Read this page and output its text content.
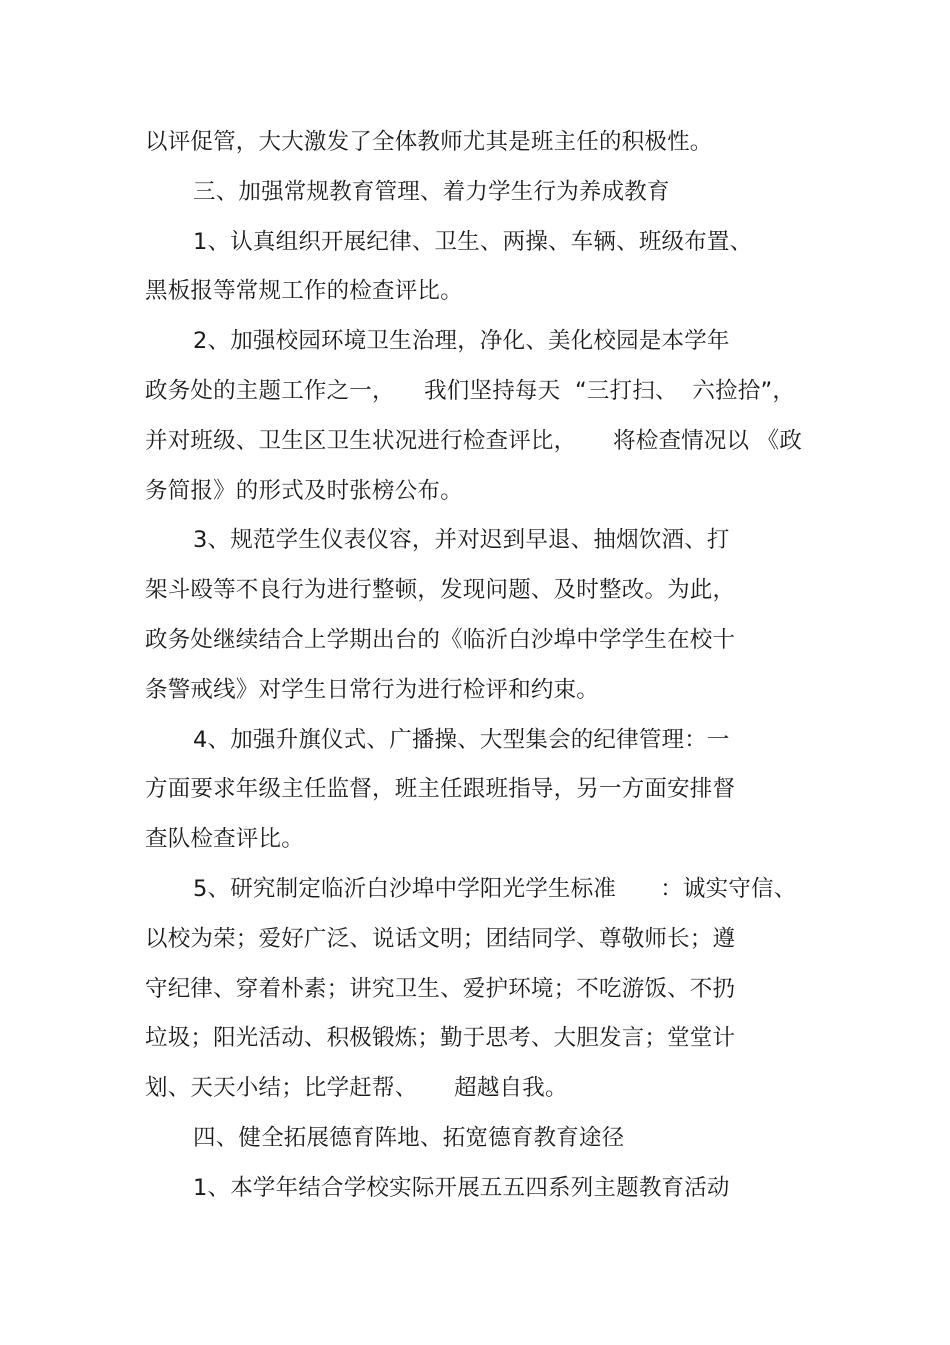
以评促管，大大激发了全体教师尤其是班主任的积极性。
三、加强常规教育管理、着力学生行为养成教育
1、认真组织开展纪律、卫生、两操、车辆、班级布置、
黑板报等常规工作的检查评比。
2、加强校园环境卫生治理，净化、美化校园是本学年
政务处的主题工作之一，    我们坚持每天  “三打扫、  六捡拾”，
并对班级、卫生区卫生状况进行检查评比，     将检查情况以 《政
务简报》的形式及时张榜公布。
3、规范学生仪表仪容，并对迟到早退、抽烟饮酒、打
架斗殴等不良行为进行整顿，发现问题、及时整改。为此，
政务处继续结合上学期出台的《临沂白沙埠中学学生在校十
条警戒线》对学生日常行为进行检评和约束。
4、加强升旗仪式、广播操、大型集会的纪律管理：一
方面要求年级主任监督，班主任跟班指导，另一方面安排督
查队检查评比。
5、研究制定临沂白沙埠中学阳光学生标准      ：诚实守信、
以校为荣；爱好广泛、说话文明；团结同学、尊敬师长；遵
守纪律、穿着朴素；讲究卫生、爱护环境；不吃游饭、不扔
垃圾；阳光活动、积极锻炼；勤于思考、大胆发言；堂堂计
划、天天小结；比学赶帮、     超越自我。
四、健全拓展德育阵地、拓宽德育教育途径
1、本学年结合学校实际开展五五四系列主题教育活动
